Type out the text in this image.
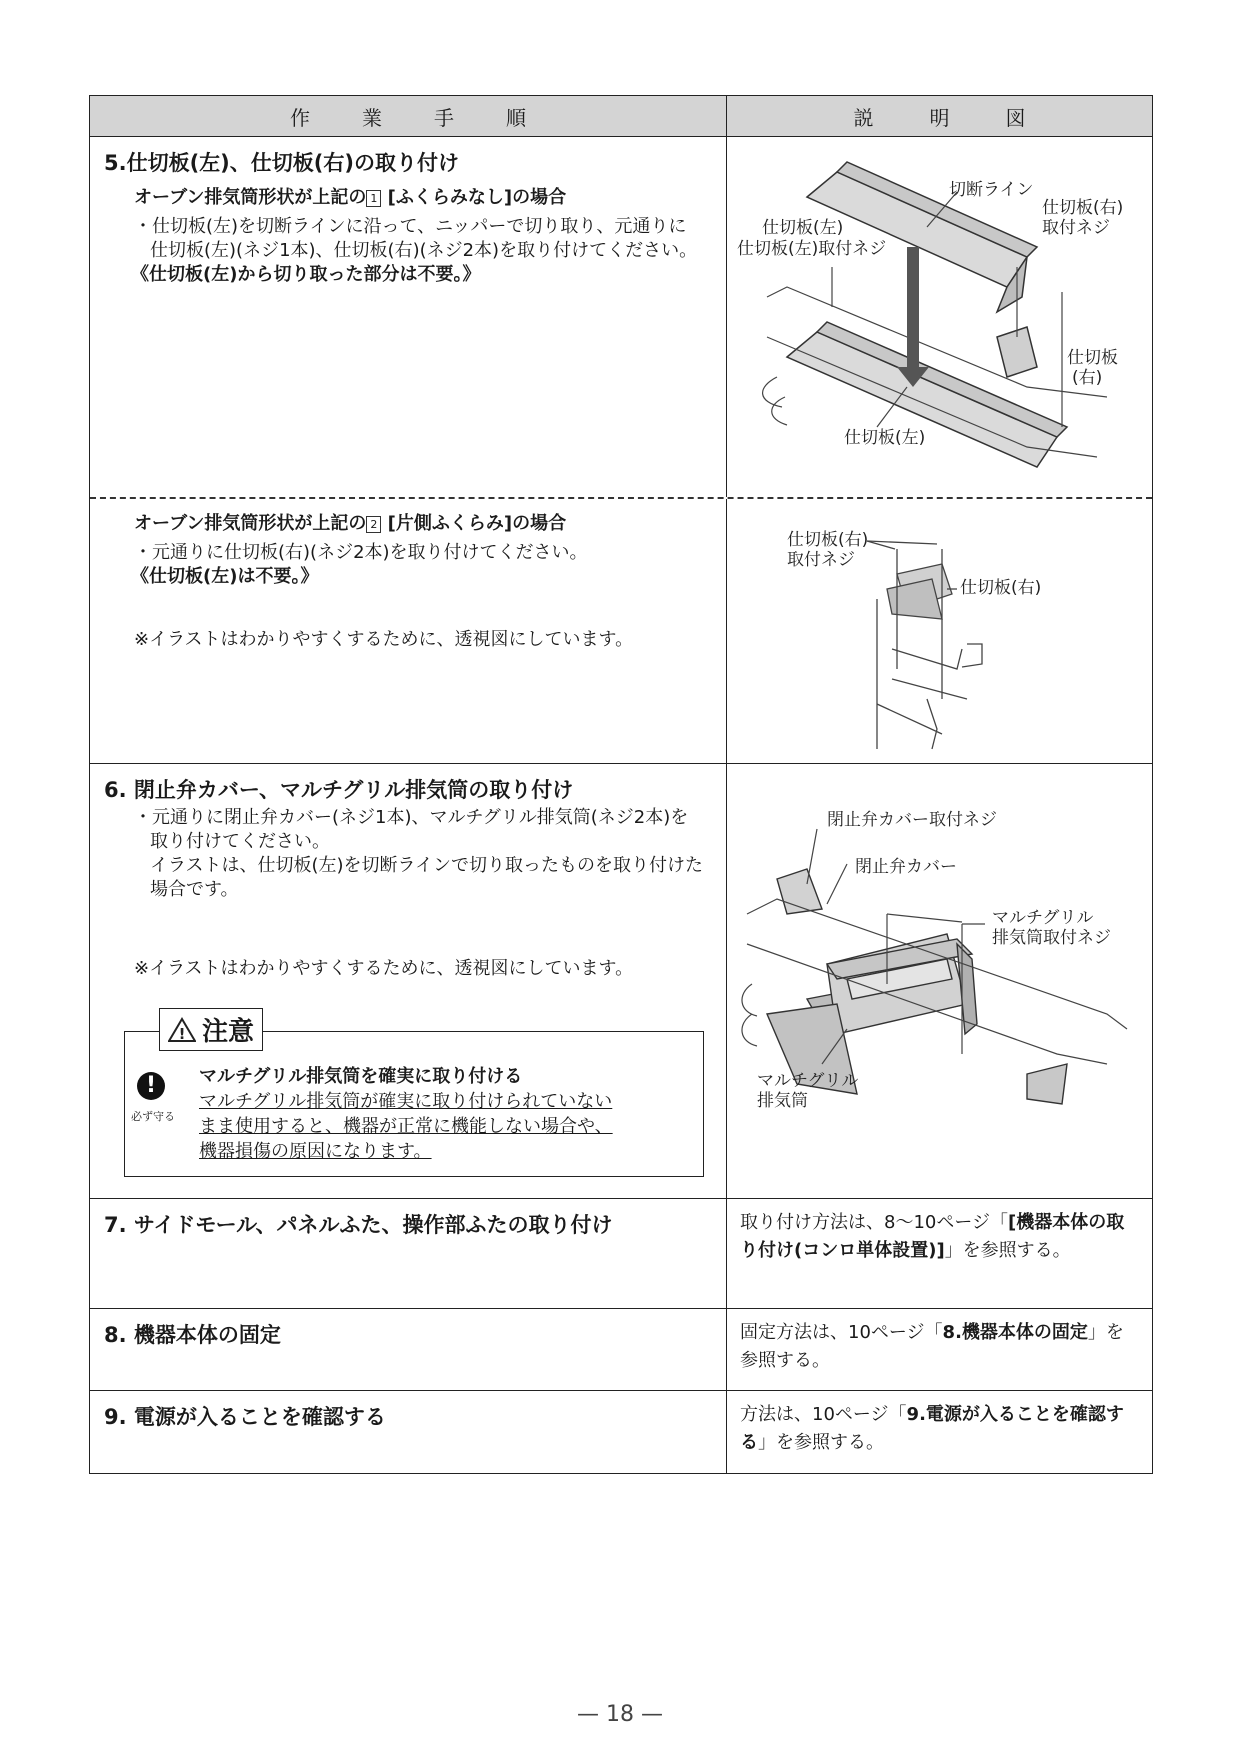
作	業	手	順	説	明	図
5.仕切板(左)、仕切板(右)の取り付け
オーブン排気筒形状が上記の 1 [ふくらみなし]の場合
・仕切板(左)を切断ラインに沿って、ニッパーで切り取り、元通りに仕切板(左)(ネジ1本)、仕切板(右)(ネジ2本)を取り付けてください。
《仕切板(左)から切り取った部分は不要。》
切断ライン
仕切板(左)
仕切板(左)取付ネジ
仕切板(右)
取付ネジ
仕切板
(右)
仕切板(左)
オーブン排気筒形状が上記の 2 [片側ふくらみ]の場合
・元通りに仕切板(右)(ネジ2本)を取り付けてください。
《仕切板(左)は不要。》
※イラストはわかりやすくするために、透視図にしています。
仕切板(右)
取付ネジ
仕切板(右)
6. 閉止弁カバー、マルチグリル排気筒の取り付け
・元通りに閉止弁カバー(ネジ1本)、マルチグリル排気筒(ネジ2本)を取り付けてください。
イラストは、仕切板(左)を切断ラインで切り取ったものを取り付けた場合です。
※イラストはわかりやすくするために、透視図にしています。
! 注意
!
必ず守る
マルチグリル排気筒を確実に取り付ける
マルチグリル排気筒が確実に取り付けられていない
まま使用すると、機器が正常に機能しない場合や、
機器損傷の原因になります。
閉止弁カバー取付ネジ
閉止弁カバー
マルチグリル
排気筒取付ネジ
マルチグリル
排気筒
7. サイドモール、パネルふた、操作部ふたの取り付け	取り付け方法は、8〜10ページ「[機器本体の取り付け(コンロ単体設置)]」を参照する。
8. 機器本体の固定	固定方法は、10ページ「8.機器本体の固定」を参照する。
9. 電源が入ることを確認する	方法は、10ページ「9.電源が入ることを確認する」を参照する。
— 18 —
